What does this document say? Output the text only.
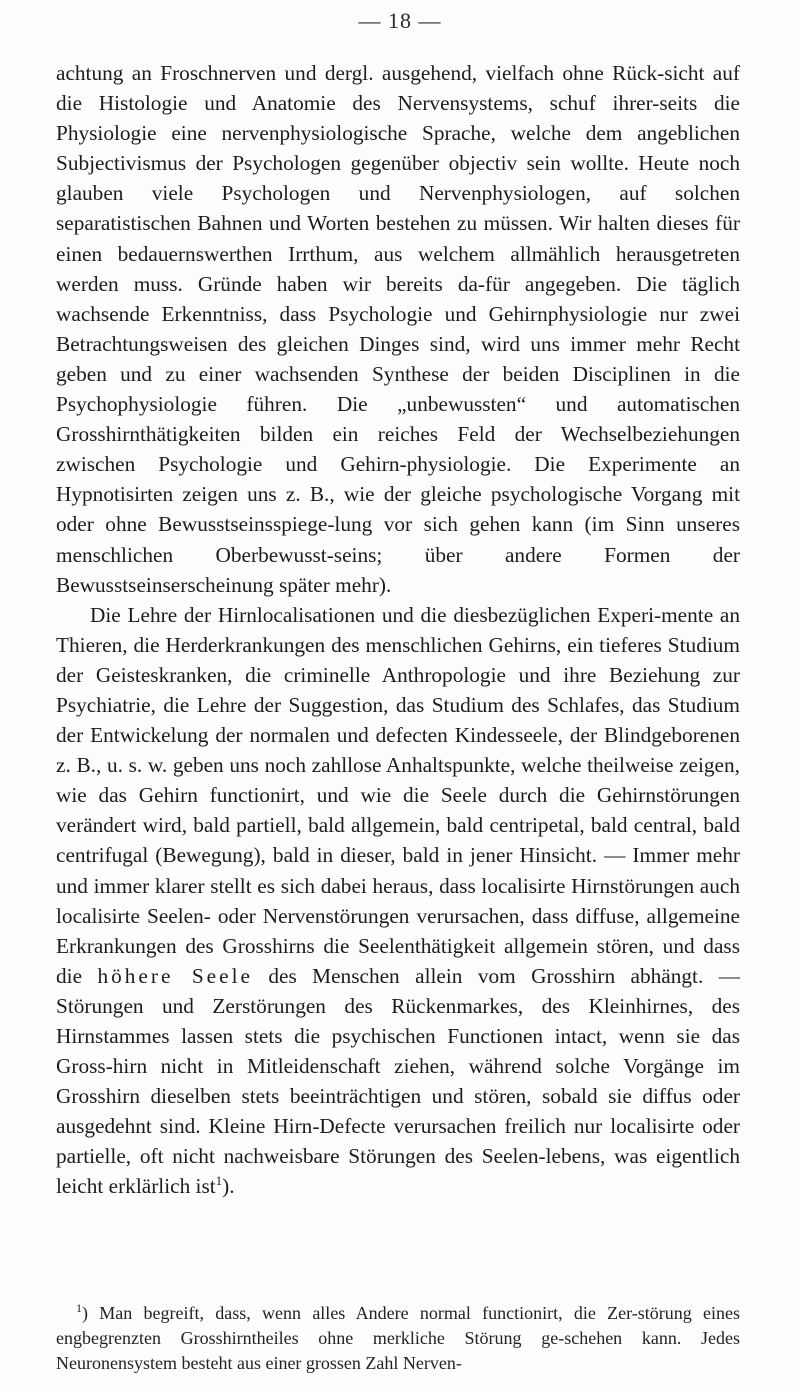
— 18 —

achtung an Froschnerven und dergl. ausgehend, vielfach ohne Rück-sicht auf die Histologie und Anatomie des Nervensystems, schuf ihrer-seits die Physiologie eine nervenphysiologische Sprache, welche dem angeblichen Subjectivismus der Psychologen gegenüber objectiv sein wollte. Heute noch glauben viele Psychologen und Nervenphysiologen, auf solchen separatistischen Bahnen und Worten bestehen zu müssen. Wir halten dieses für einen bedauernswerthen Irrthum, aus welchem allmählich herausgetreten werden muss. Gründe haben wir bereits da-für angegeben. Die täglich wachsende Erkenntniss, dass Psychologie und Gehirnphysiologie nur zwei Betrachtungsweisen des gleichen Dinges sind, wird uns immer mehr Recht geben und zu einer wachsenden Synthese der beiden Disciplinen in die Psychophysiologie führen. Die „unbewussten“ und automatischen Grosshirnthätigkeiten bilden ein reiches Feld der Wechselbeziehungen zwischen Psychologie und Gehirn-physiologie. Die Experimente an Hypnotisirten zeigen uns z. B., wie der gleiche psychologische Vorgang mit oder ohne Bewusstseinsspiege-lung vor sich gehen kann (im Sinn unseres menschlichen Oberbewusst-seins; über andere Formen der Bewusstseinserscheinung später mehr).

Die Lehre der Hirnlocalisationen und die diesbezüglichen Experi-mente an Thieren, die Herderkrankungen des menschlichen Gehirns, ein tieferes Studium der Geisteskranken, die criminelle Anthropologie und ihre Beziehung zur Psychiatrie, die Lehre der Suggestion, das Studium des Schlafes, das Studium der Entwickelung der normalen und defecten Kindesseele, der Blindgeborenen z. B., u. s. w. geben uns noch zahllose Anhaltspunkte, welche theilweise zeigen, wie das Gehirn functionirt, und wie die Seele durch die Gehirnstörungen verändert wird, bald partiell, bald allgemein, bald centripetal, bald central, bald centrifugal (Bewegung), bald in dieser, bald in jener Hinsicht. — Immer mehr und immer klarer stellt es sich dabei heraus, dass localisirte Hirnstörungen auch localisirte Seelen- oder Nervenstörungen verursachen, dass diffuse, allgemeine Erkrankungen des Grosshirns die Seelenthätigkeit allgemein stören, und dass die höhere Seele des Menschen allein vom Grosshirn abhängt. — Störungen und Zerstörungen des Rückenmarkes, des Kleinhirnes, des Hirnstammes lassen stets die psychischen Functionen intact, wenn sie das Gross-hirn nicht in Mitleidenschaft ziehen, während solche Vorgänge im Grosshirn dieselben stets beeinträchtigen und stören, sobald sie diffus oder ausgedehnt sind. Kleine Hirn-Defecte verursachen freilich nur localisirte oder partielle, oft nicht nachweisbare Störungen des Seelen-lebens, was eigentlich leicht erklärlich ist$^1$).

$^1$) Man begreift, dass, wenn alles Andere normal functionirt, die Zer-störung eines engbegrenzten Grosshirntheiles ohne merkliche Störung ge-schehen kann. Jedes Neuronensystem besteht aus einer grossen Zahl Nerven-
